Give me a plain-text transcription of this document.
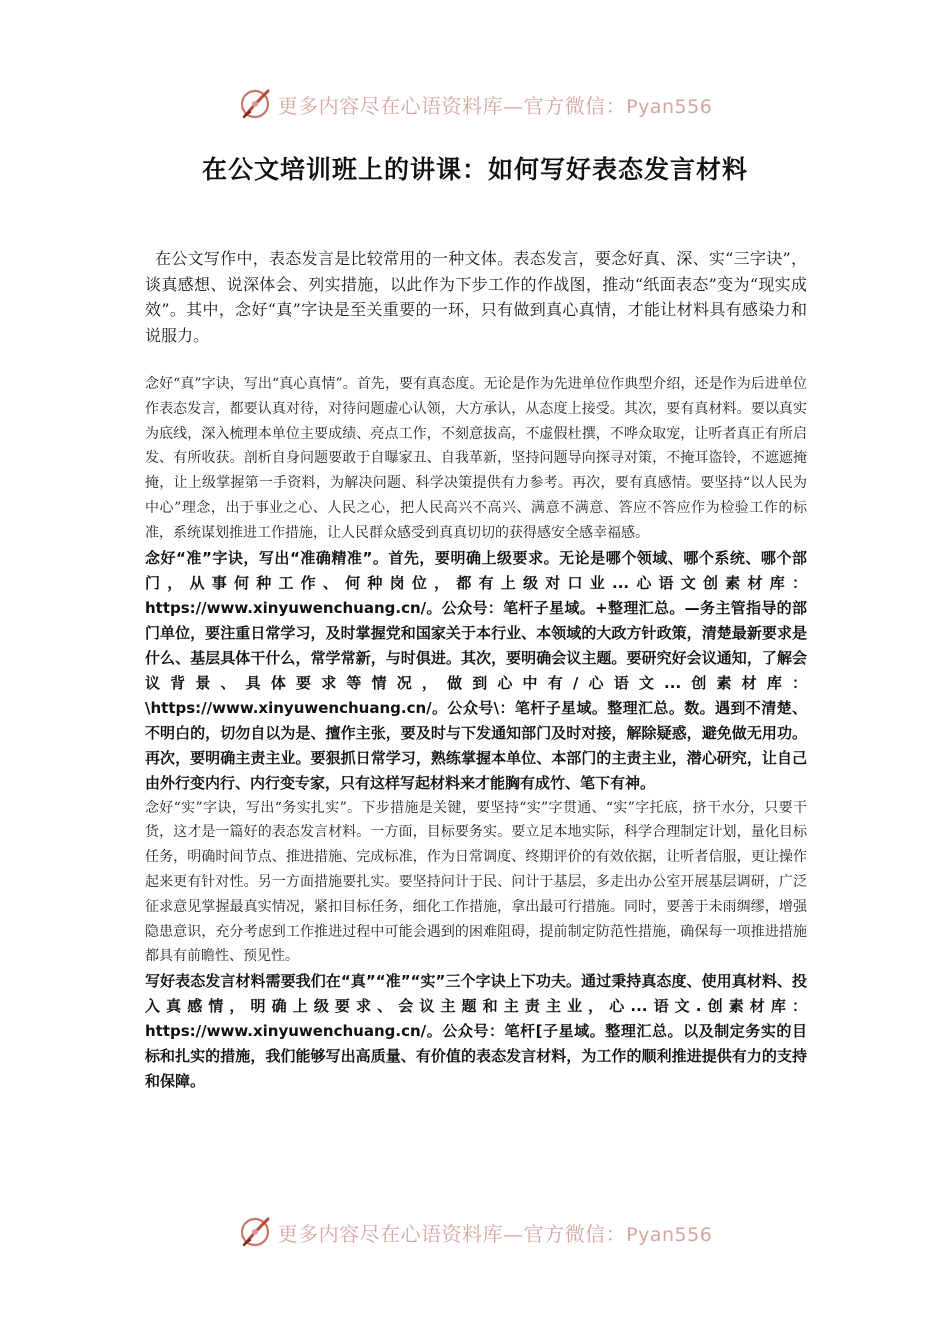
更多内容尽在心语资料库—官方微信：Pyan556
在公文培训班上的讲课：如何写好表态发言材料

在公文写作中，表态发言是比较常用的一种文体。表态发言，要念好真、深、实“三字诀”，谈真感想、说深体会、列实措施，以此作为下步工作的作战图，推动“纸面表态”变为“现实成效”。其中，念好“真”字诀是至关重要的一环，只有做到真心真情，才能让材料具有感染力和说服力。

念好“真”字诀，写出“真心真情”。首先，要有真态度。无论是作为先进单位作典型介绍，还是作为后进单位作表态发言，都要认真对待，对待问题虚心认领，大方承认，从态度上接受。其次，要有真材料。要以真实为底线，深入梳理本单位主要成绩、亮点工作，不刻意拔高，不虚假杜撰，不哗众取宠，让听者真正有所启发、有所收获。剖析自身问题要敢于自曝家丑、自我革新，坚持问题导向探寻对策，不掩耳盗铃，不遮遮掩掩，让上级掌握第一手资料，为解决问题、科学决策提供有力参考。再次，要有真感情。要坚持“以人民为中心”理念，出于事业之心、人民之心，把人民高兴不高兴、满意不满意、答应不答应作为检验工作的标准，系统谋划推进工作措施，让人民群众感受到真真切切的获得感安全感幸福感。

念好“准”字诀，写出“准确精准”。首先，要明确上级要求。无论是哪个领域、哪个系统、哪个部门，从事何种工作、何种岗位，都有上级对口业...心语文创素材库： https://www.xinyuwenchuang.cn/。公众号：笔杆子星域。+整理汇总。—务主管指导的部门单位，要注重日常学习，及时掌握党和国家关于本行业、本领域的大政方针政策，清楚最新要求是什么、基层具体干什么，常学常新，与时俱进。其次，要明确会议主题。要研究好会议通知，了解会议背景、具体要求等情况，做到心中有/心语文...创素材库：\https://www.xinyuwenchuang.cn/。公众号\：笔杆子星域。整理汇总。数。遇到不清楚、不明白的，切勿自以为是、擅作主张，要及时与下发通知部门及时对接，解除疑惑，避免做无用功。再次，要明确主责主业。要狠抓日常学习，熟练掌握本单位、本部门的主责主业，潜心研究，让自己由外行变内行、内行变专家，只有这样写起材料来才能胸有成竹、笔下有神。

念好“实”字诀，写出“务实扎实”。下步措施是关键，要坚持“实”字贯通、“实”字托底，挤干水分，只要干货，这才是一篇好的表态发言材料。一方面，目标要务实。要立足本地实际，科学合理制定计划，量化目标任务，明确时间节点、推进措施、完成标准，作为日常调度、终期评价的有效依据，让听者信服，更让操作起来更有针对性。另一方面措施要扎实。要坚持问计于民、问计于基层，多走出办公室开展基层调研，广泛征求意见掌握最真实情况，紧扣目标任务，细化工作措施，拿出最可行措施。同时，要善于未雨绸缪，增强隐患意识，充分考虑到工作推进过程中可能会遇到的困难阻碍，提前制定防范性措施，确保每一项推进措施都具有前瞻性、预见性。

写好表态发言材料需要我们在“真”“准”“实”三个字诀上下功夫。通过秉持真态度、使用真材料、投入真感情，明确上级要求、会议主题和主责主业，心...语文.创素材库：https://www.xinyuwenchuang.cn/。公众号：笔杆[子星域。整理汇总。以及制定务实的目标和扎实的措施，我们能够写出高质量、有价值的表态发言材料，为工作的顺利推进提供有力的支持和保障。

更多内容尽在心语资料库—官方微信：Pyan556
